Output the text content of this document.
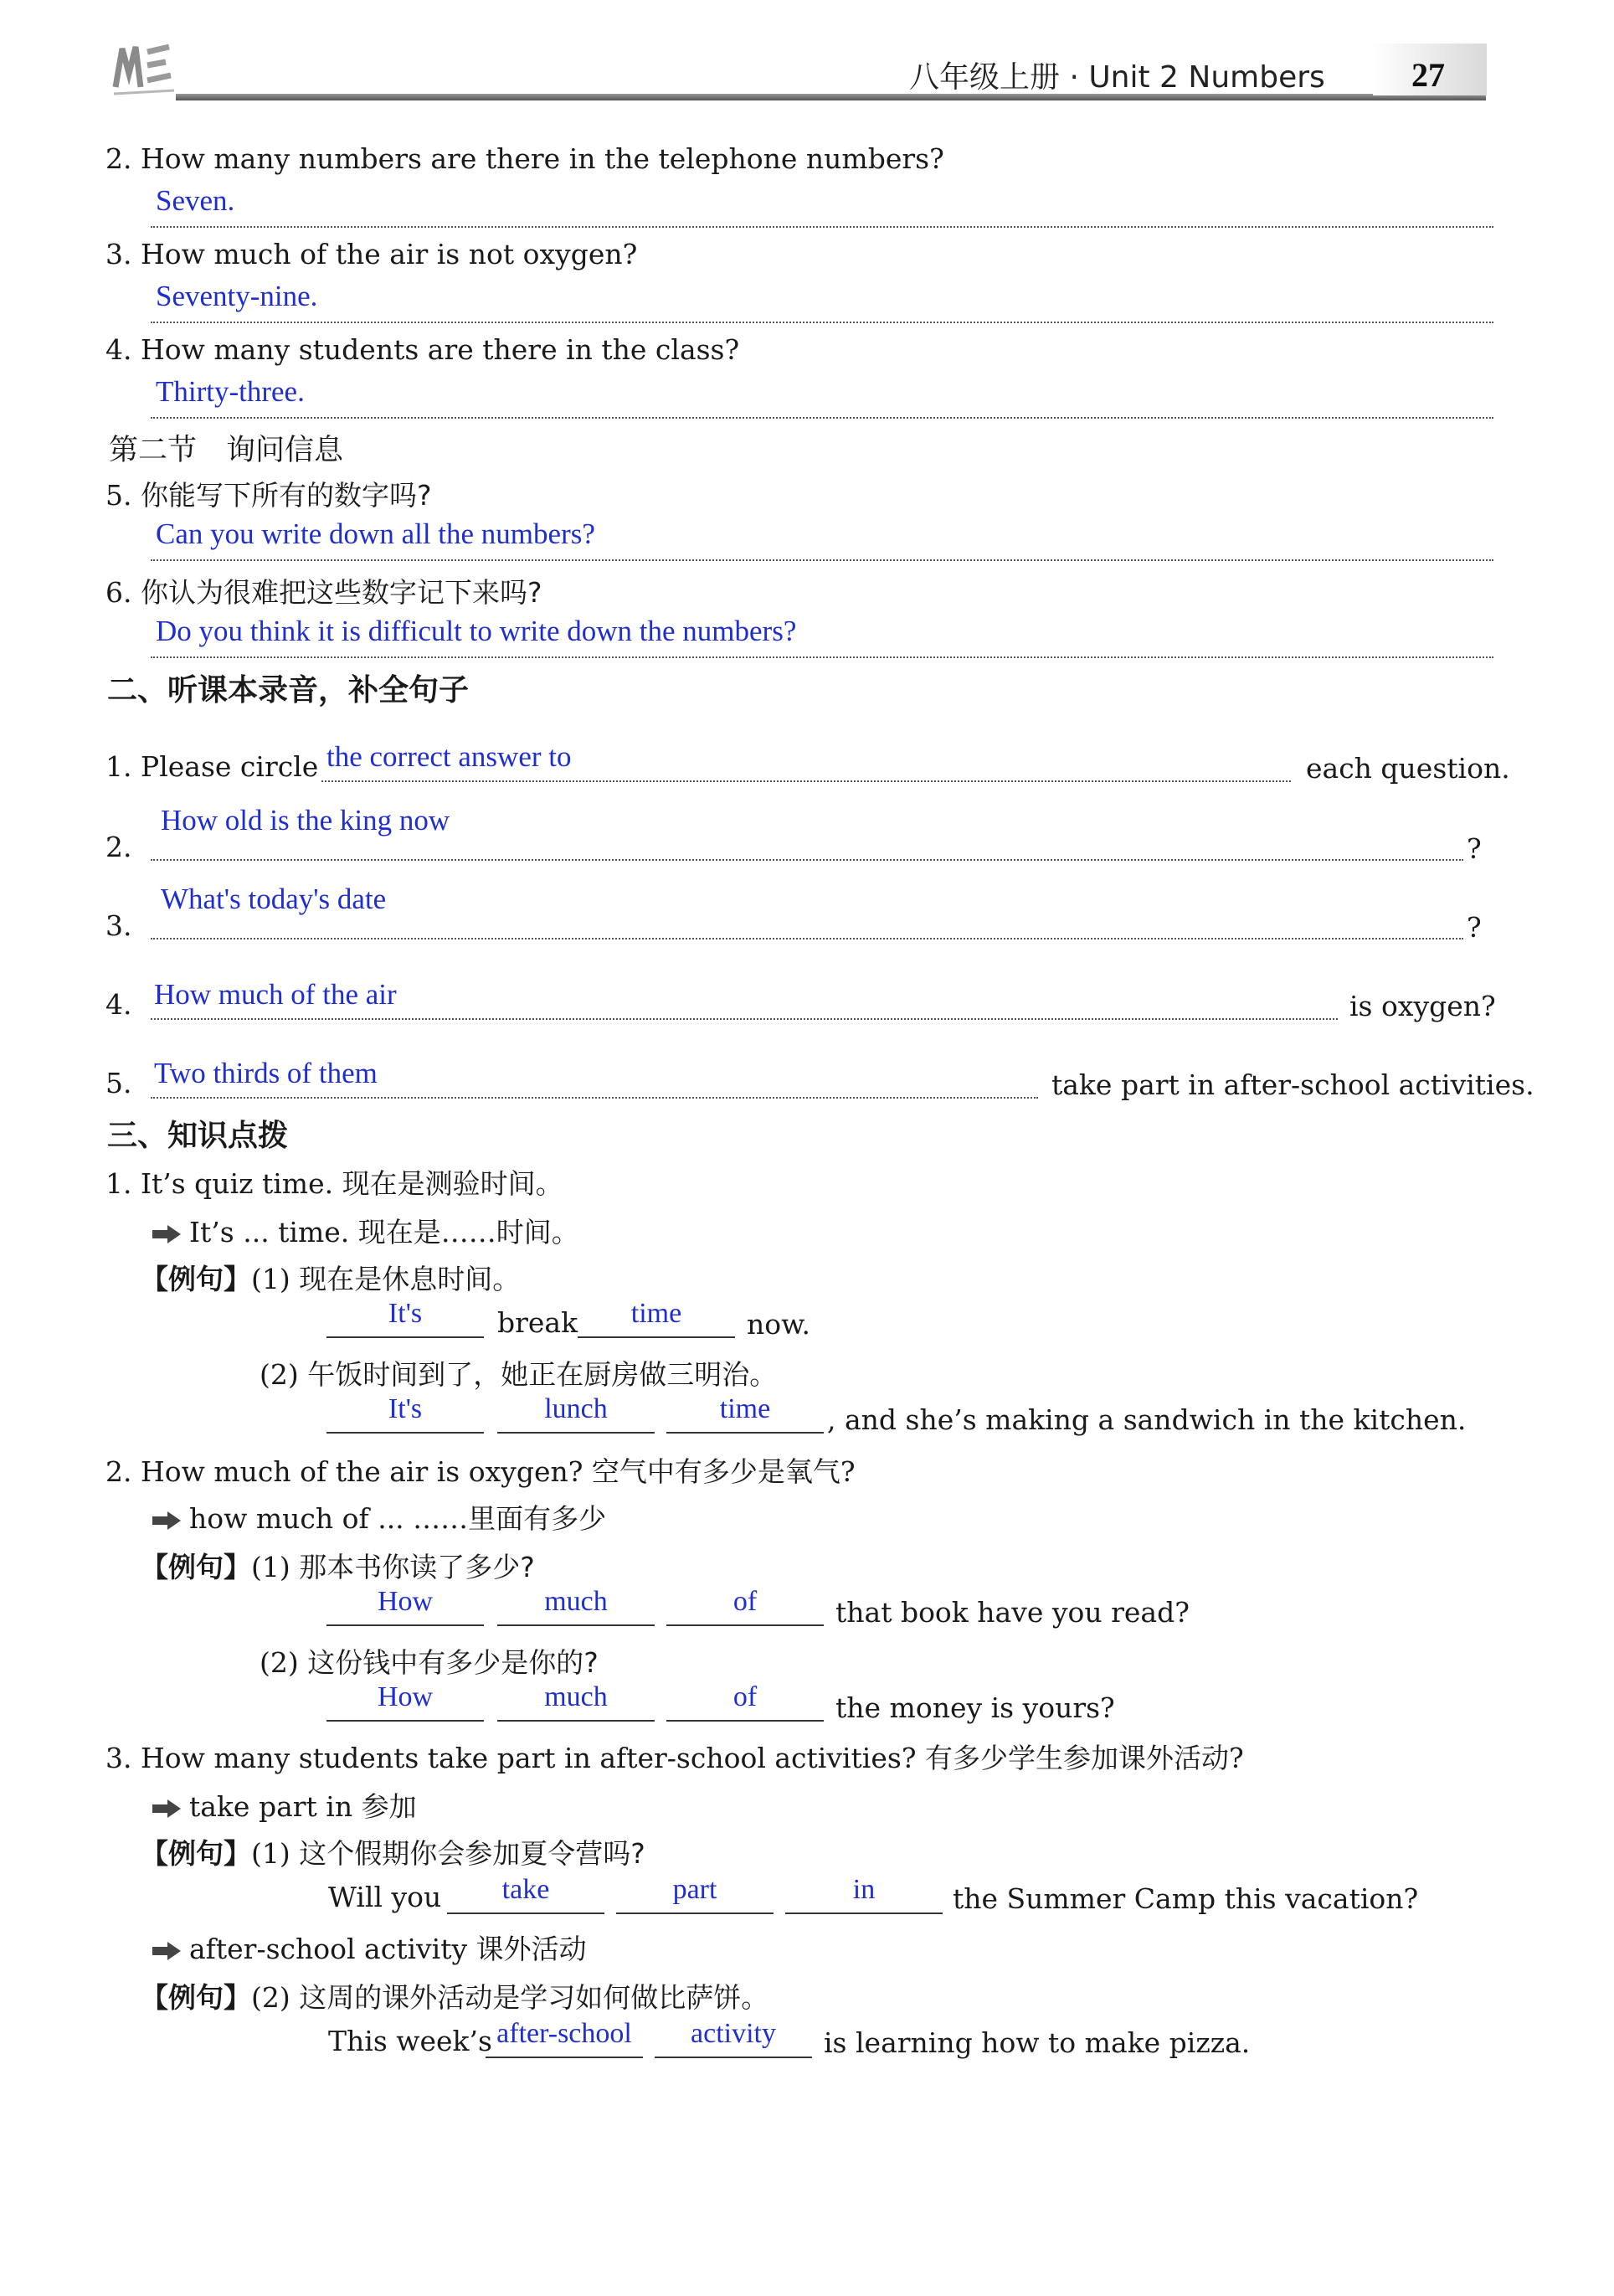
八年级上册 · Unit 2 Numbers	27
2. How many numbers are there in the telephone numbers?
Seven.
3. How much of the air is not oxygen?
Seventy-nine.
4. How many students are there in the class?
Thirty-three.
第二节　询问信息
5. 你能写下所有的数字吗?
Can you write down all the numbers?
6. 你认为很难把这些数字记下来吗?
Do you think it is difficult to write down the numbers?
二、听课本录音，补全句子
1. Please circle the correct answer to	each question.
2.
How old is the king now
?
3.
What's today's date
?
4. How much of the air	is oxygen?
5. Two thirds of them	take part in after-school activities.
三、知识点拨
1. It’s quiz time. 现在是测验时间。
It’s ... time. 现在是……时间。
【例句】(1) 现在是休息时间。
It's	break	time	now.
(2) 午饭时间到了，她正在厨房做三明治。
It's	lunch	time	, and she’s making a sandwich in the kitchen.
2. How much of the air is oxygen? 空气中有多少是氧气?
how much of ... ……里面有多少
【例句】(1) 那本书你读了多少?
How	much	of	that book have you read?
(2) 这份钱中有多少是你的?
How	much	of	the money is yours?
3. How many students take part in after-school activities? 有多少学生参加课外活动?
take part in 参加
【例句】(1) 这个假期你会参加夏令营吗?
Will you	take	part	in	the Summer Camp this vacation?
after-school activity 课外活动
【例句】(2) 这周的课外活动是学习如何做比萨饼。
This week’s after-school	activity	is learning how to make pizza.
